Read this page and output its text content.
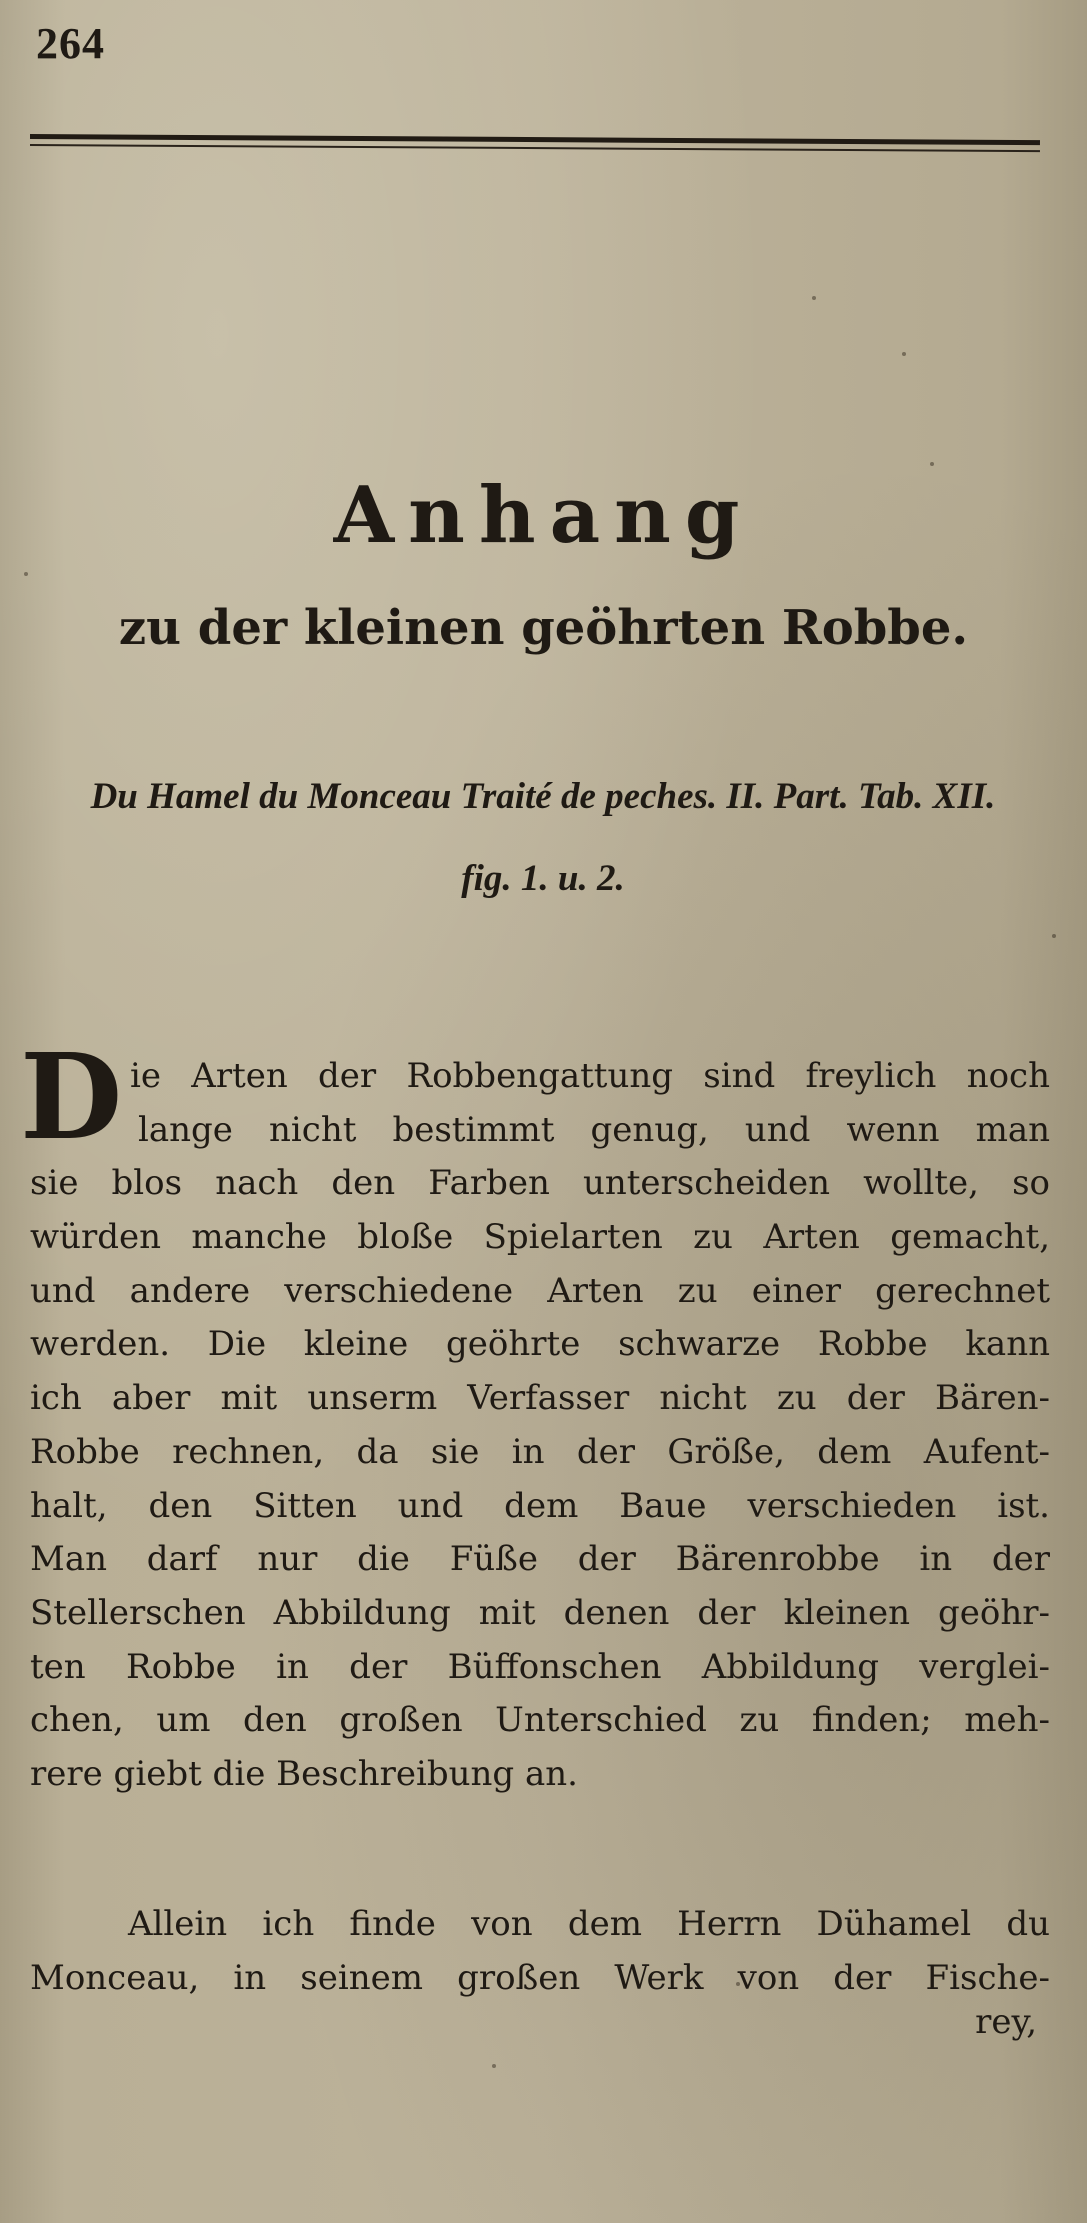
264
Anhang
zu der kleinen geöhrten Robbe.
Du Hamel du Monceau Traité de peches. II. Part. Tab. XII.
fig. 1. u. 2.
D ie Arten der Robbengattung sind freylich noch
lange nicht bestimmt genug, und wenn man
sie blos nach den Farben unterscheiden wollte, so
würden manche bloße Spielarten zu Arten gemacht,
und andere verschiedene Arten zu einer gerechnet
werden. Die kleine geöhrte schwarze Robbe kann
ich aber mit unserm Verfasser nicht zu der Bären-
Robbe rechnen, da sie in der Größe, dem Aufent-
halt, den Sitten und dem Baue verschieden ist.
Man darf nur die Füße der Bärenrobbe in der
Stellerschen Abbildung mit denen der kleinen geöhr-
ten Robbe in der Büffonschen Abbildung verglei-
chen, um den großen Unterschied zu finden; meh-
rere giebt die Beschreibung an.
Allein ich finde von dem Herrn Dühamel du
Monceau, in seinem großen Werk von der Fische-
rey,
